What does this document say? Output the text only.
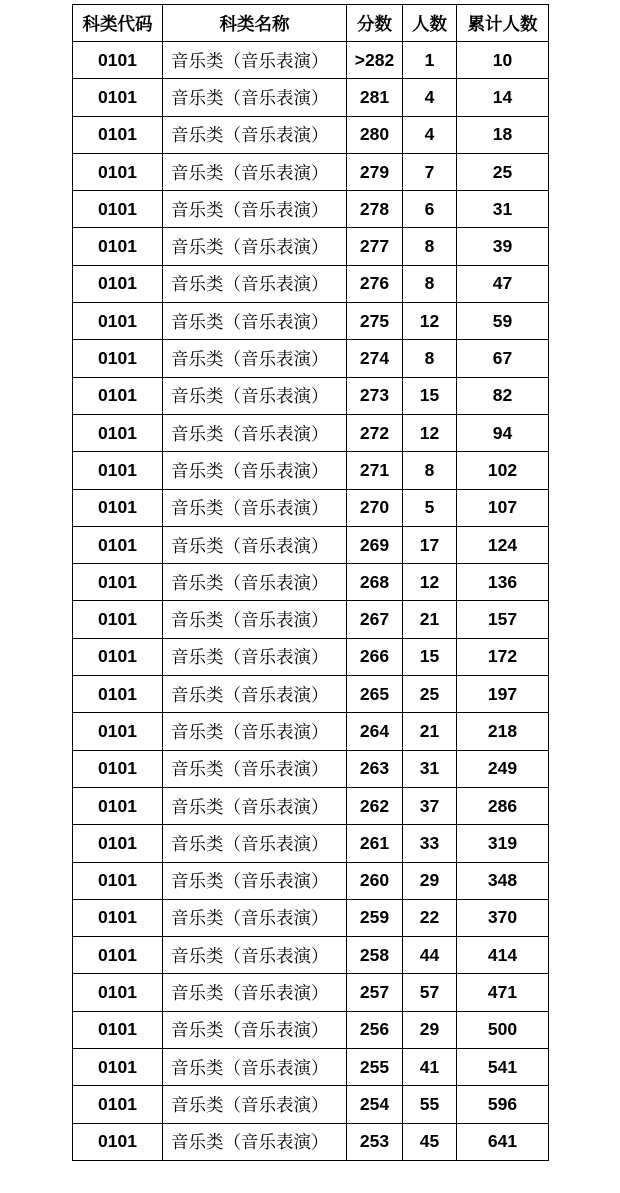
科类代码	科类名称	分数	人数	累计人数
0101	音乐类（音乐表演）	>282	1	10
0101	音乐类（音乐表演）	281	4	14
0101	音乐类（音乐表演）	280	4	18
0101	音乐类（音乐表演）	279	7	25
0101	音乐类（音乐表演）	278	6	31
0101	音乐类（音乐表演）	277	8	39
0101	音乐类（音乐表演）	276	8	47
0101	音乐类（音乐表演）	275	12	59
0101	音乐类（音乐表演）	274	8	67
0101	音乐类（音乐表演）	273	15	82
0101	音乐类（音乐表演）	272	12	94
0101	音乐类（音乐表演）	271	8	102
0101	音乐类（音乐表演）	270	5	107
0101	音乐类（音乐表演）	269	17	124
0101	音乐类（音乐表演）	268	12	136
0101	音乐类（音乐表演）	267	21	157
0101	音乐类（音乐表演）	266	15	172
0101	音乐类（音乐表演）	265	25	197
0101	音乐类（音乐表演）	264	21	218
0101	音乐类（音乐表演）	263	31	249
0101	音乐类（音乐表演）	262	37	286
0101	音乐类（音乐表演）	261	33	319
0101	音乐类（音乐表演）	260	29	348
0101	音乐类（音乐表演）	259	22	370
0101	音乐类（音乐表演）	258	44	414
0101	音乐类（音乐表演）	257	57	471
0101	音乐类（音乐表演）	256	29	500
0101	音乐类（音乐表演）	255	41	541
0101	音乐类（音乐表演）	254	55	596
0101	音乐类（音乐表演）	253	45	641
